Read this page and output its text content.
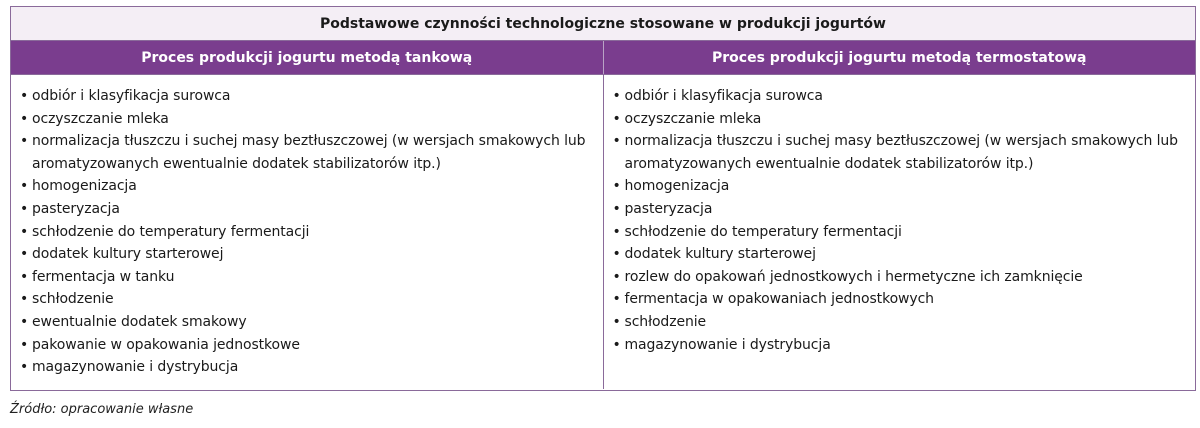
Podstawowe czynności technologiczne stosowane w produkcji jogurtów
Proces produkcji jogurtu metodą tankową	Proces produkcji jogurtu metodą termostatową
• odbiór i klasyfikacja surowca
• oczyszczanie mleka
• normalizacja tłuszczu i suchej masy beztłuszczowej (w wersjach smakowych lub aromatyzowanych ewentualnie dodatek stabilizatorów itp.)
• homogenizacja
• pasteryzacja
• schłodzenie do temperatury fermentacji
• dodatek kultury starterowej
• fermentacja w tanku
• schłodzenie
• ewentualnie dodatek smakowy
• pakowanie w opakowania jednostkowe
• magazynowanie i dystrybucja
• odbiór i klasyfikacja surowca
• oczyszczanie mleka
• normalizacja tłuszczu i suchej masy beztłuszczowej (w wersjach smakowych lub aromatyzowanych ewentualnie dodatek stabilizatorów itp.)
• homogenizacja
• pasteryzacja
• schłodzenie do temperatury fermentacji
• dodatek kultury starterowej
• rozlew do opakowań jednostkowych i hermetyczne ich zamknięcie
• fermentacja w opakowaniach jednostkowych
• schłodzenie
• magazynowanie i dystrybucja
Źródło: opracowanie własne
